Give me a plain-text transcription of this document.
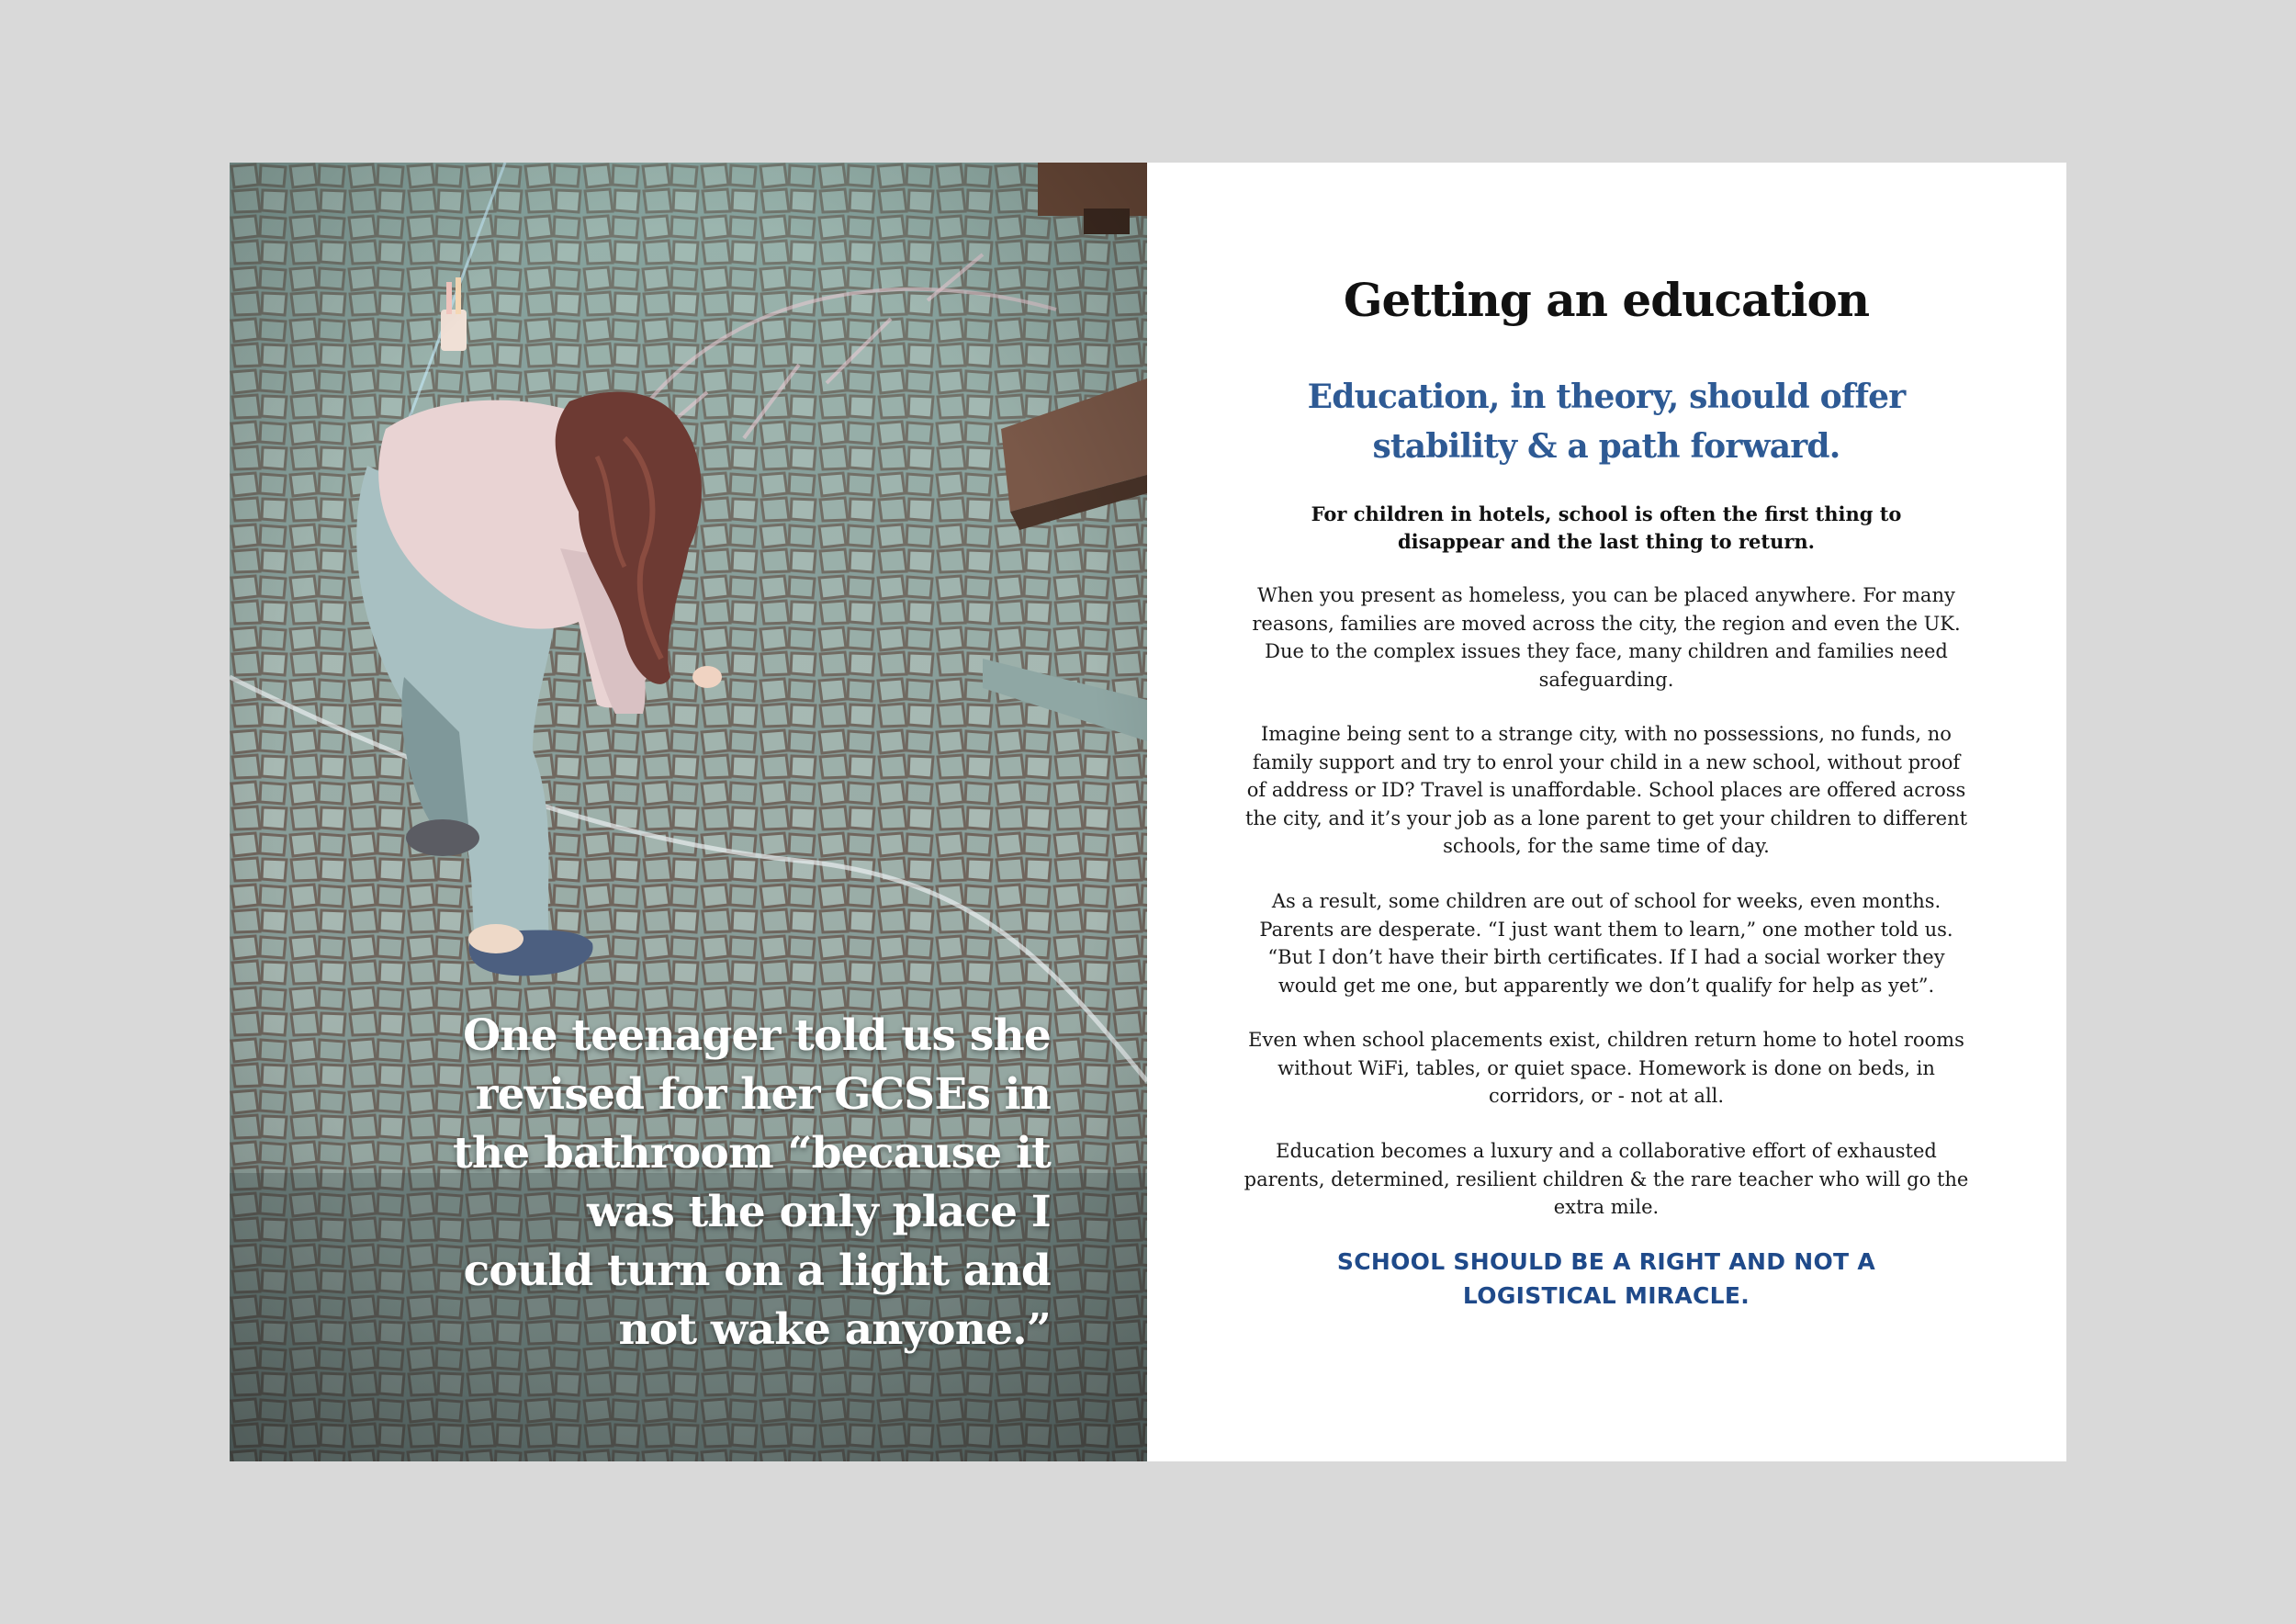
One teenager told us she revised for her GCSEs in the bathroom “because it was the only place I could turn on a light and not wake anyone.”
Getting an education
Education, in theory, should offer stability & a path forward.
For children in hotels, school is often the first thing to disappear and the last thing to return.
When you present as homeless, you can be placed anywhere. For many reasons, families are moved across the city, the region and even the UK. Due to the complex issues they face, many children and families need safeguarding.
Imagine being sent to a strange city, with no possessions, no funds, no family support and try to enrol your child in a new school, without proof of address or ID? Travel is unaffordable. School places are offered across the city, and it’s your job as a lone parent to get your children to different schools, for the same time of day.
As a result, some children are out of school for weeks, even months. Parents are desperate. “I just want them to learn,” one mother told us. “But I don’t have their birth certificates. If I had a social worker they would get me one, but apparently we don’t qualify for help as yet”.
Even when school placements exist, children return home to hotel rooms without WiFi, tables, or quiet space. Homework is done on beds, in corridors, or - not at all.
Education becomes a luxury and a collaborative effort of exhausted parents, determined, resilient children & the rare teacher who will go the extra mile.
SCHOOL SHOULD BE A RIGHT AND NOT A LOGISTICAL MIRACLE.
